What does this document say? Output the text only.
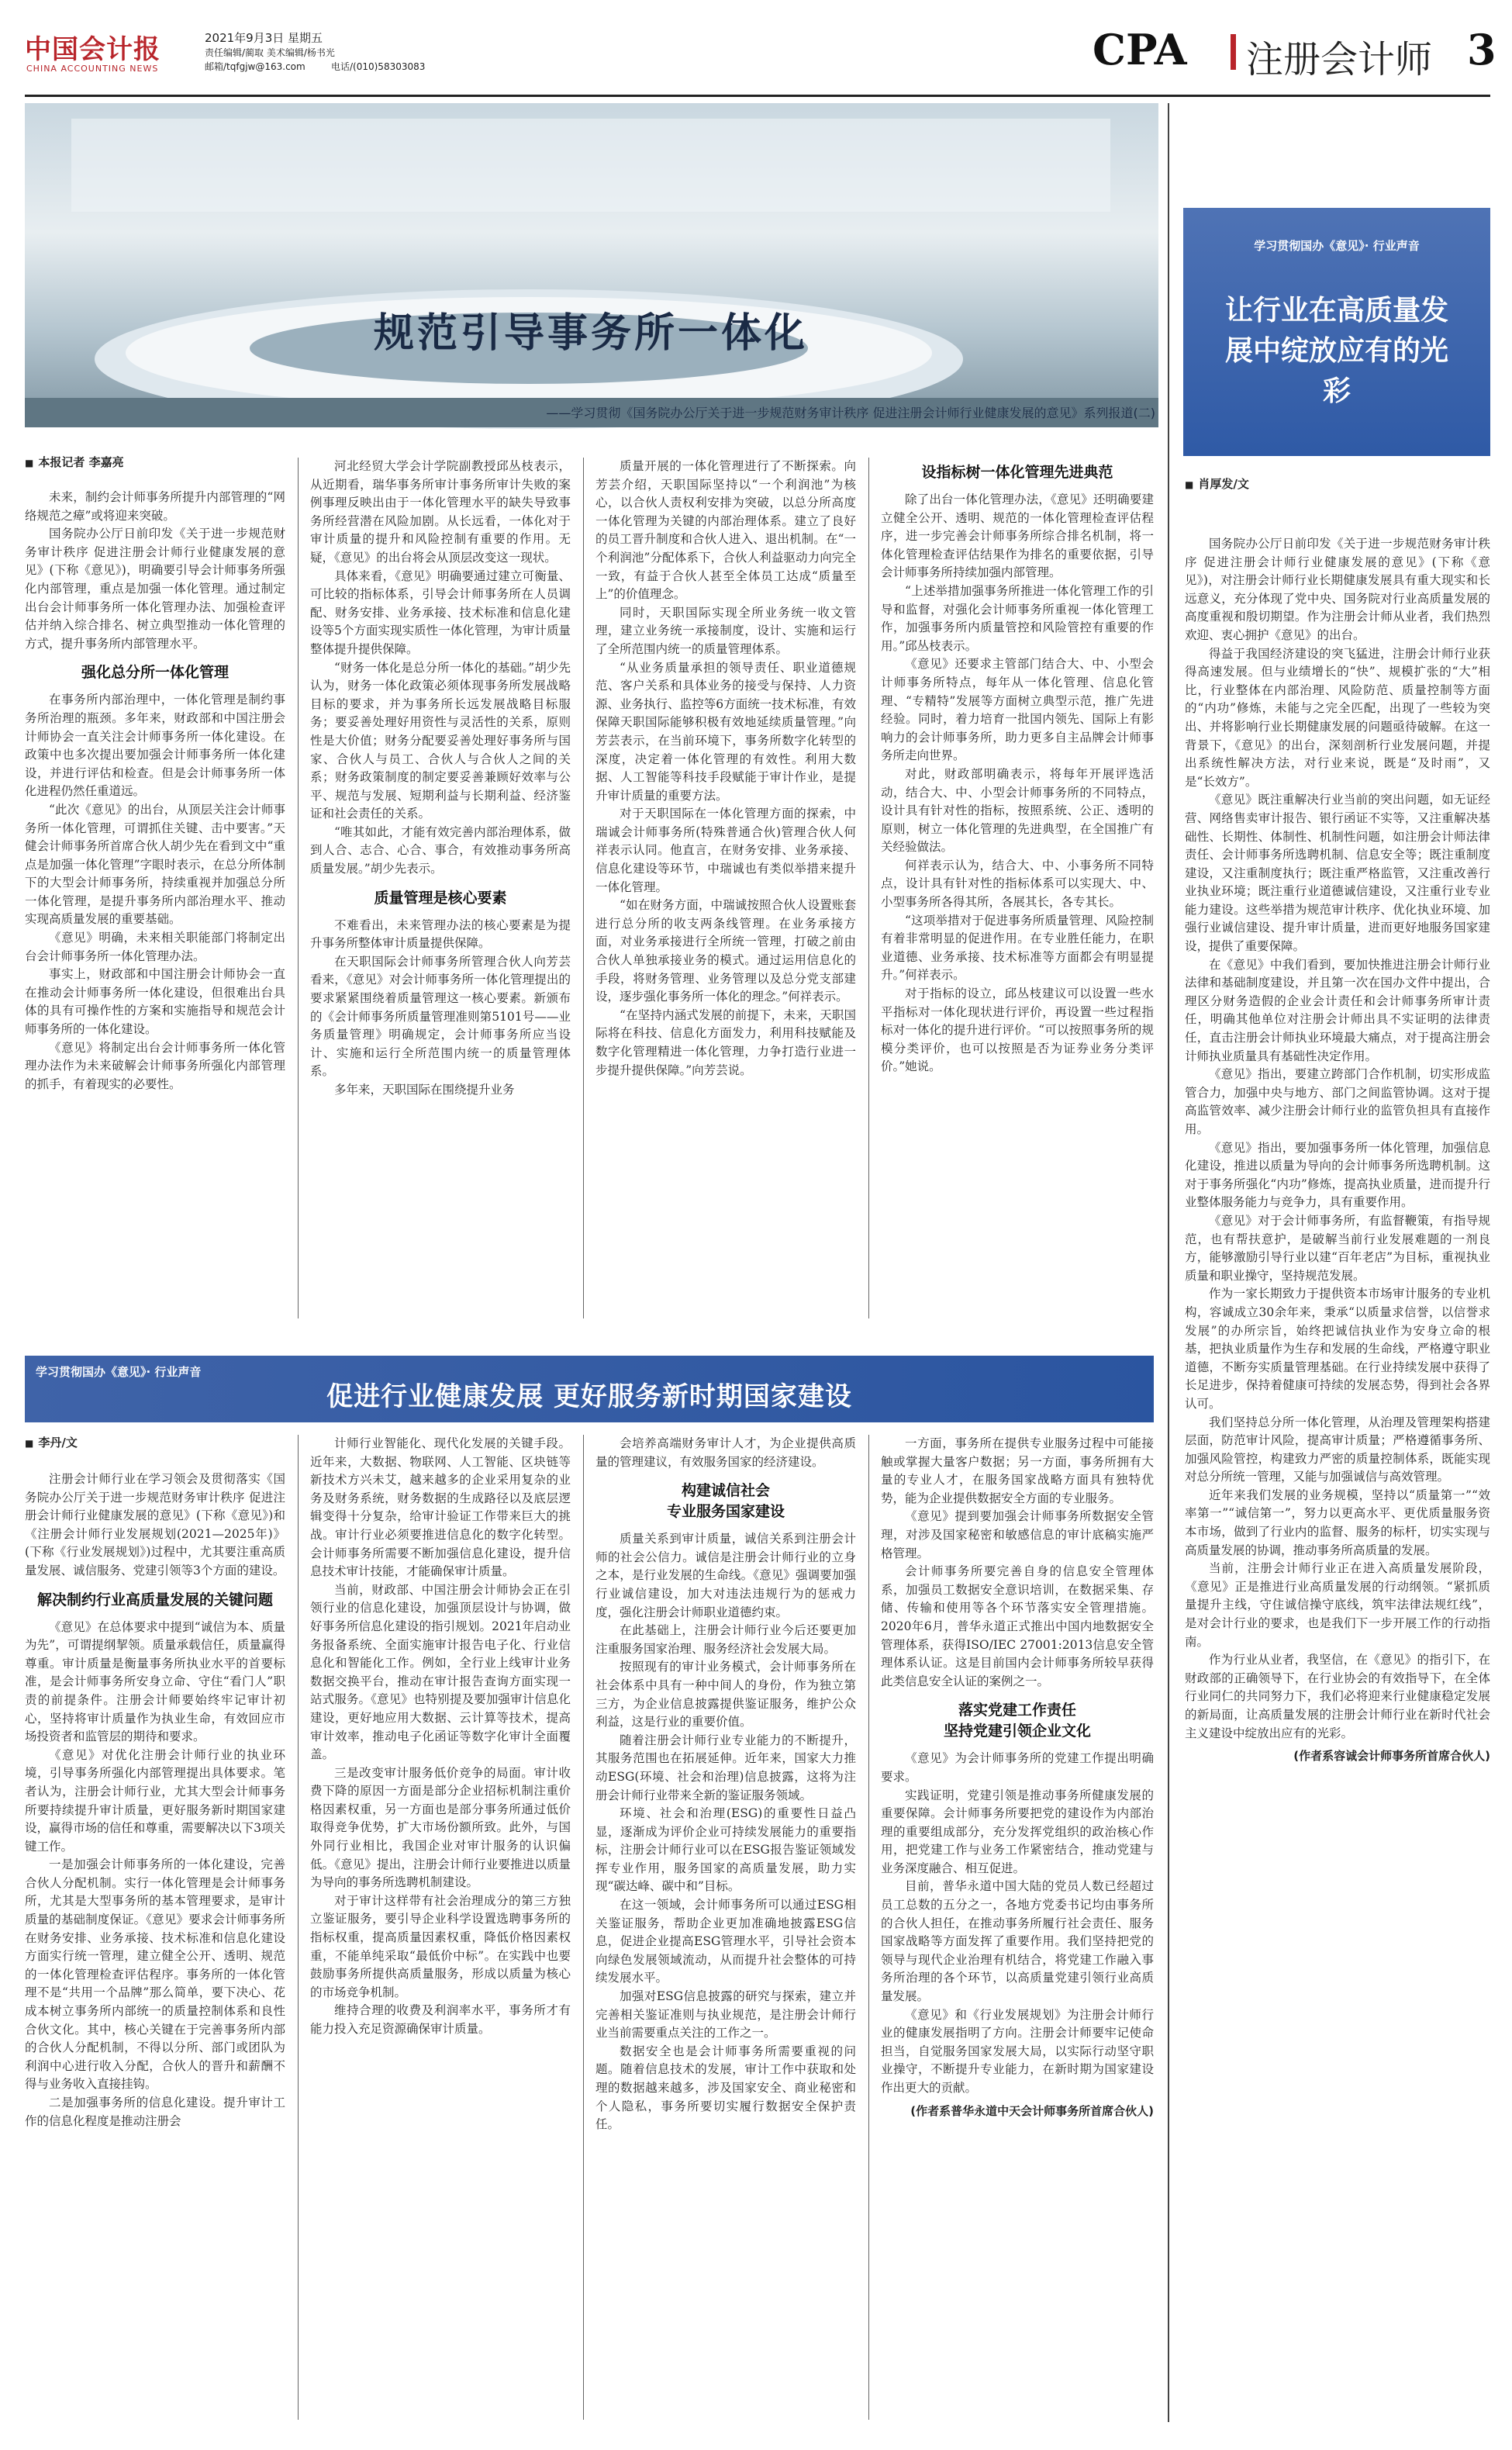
中国会计报
CHINA ACCOUNTING NEWS
2021年9月3日 星期五
责任编辑/蔺取 美术编辑/杨书光
邮箱/tqfgjw@163.com	电话/(010)58303083	CPA 注册会计师 3
规范引导事务所一体化
——学习贯彻《国务院办公厅关于进一步规范财务审计秩序 促进注册会计师行业健康发展的意见》系列报道(二)
■ 本报记者 李嘉亮

未来，制约会计师事务所提升内部管理的“网络规范之瘴”或将迎来突破。

国务院办公厅日前印发《关于进一步规范财务审计秩序 促进注册会计师行业健康发展的意见》(下称《意见》)，明确要引导会计师事务所强化内部管理，重点是加强一体化管理。通过制定出台会计师事务所一体化管理办法、加强检查评估并纳入综合排名、树立典型推动一体化管理的方式，提升事务所内部管理水平。

强化总分所一体化管理

在事务所内部治理中，一体化管理是制约事务所治理的瓶颈。多年来，财政部和中国注册会计师协会一直关注会计师事务所一体化建设。在政策中也多次提出要加强会计师事务所一体化建设，并进行评估和检查。但是会计师事务所一体化进程仍然任重道远。

“此次《意见》的出台，从顶层关注会计师事务所一体化管理，可谓抓住关键、击中要害。”天健会计师事务所首席合伙人胡少先在看到文中“重点是加强一体化管理”字眼时表示，在总分所体制下的大型会计师事务所，持续重视并加强总分所一体化管理，是提升事务所内部治理水平、推动实现高质量发展的重要基础。

《意见》明确，未来相关职能部门将制定出台会计师事务所一体化管理办法。

事实上，财政部和中国注册会计师协会一直在推动会计师事务所一体化建设，但很难出台具体的具有可操作性的方案和实施指导和规范会计师事务所的一体化建设。

《意见》将制定出台会计师事务所一体化管理办法作为未来破解会计师事务所强化内部管理的抓手，有着现实的必要性。

河北经贸大学会计学院副教授邱丛枝表示，从近期看，瑞华事务所审计事务所审计失败的案例事理反映出由于一体化管理水平的缺失导致事务所经营潜在风险加剧。从长远看，一体化对于审计质量的提升和风险控制有重要的作用。无疑，《意见》的出台将会从顶层改变这一现状。

具体来看，《意见》明确要通过建立可衡量、可比较的指标体系，引导会计师事务所在人员调配、财务安排、业务承接、技术标准和信息化建设等5个方面实现实质性一体化管理，为审计质量整体提升提供保障。

“财务一体化是总分所一体化的基础。”胡少先认为，财务一体化政策必须体现事务所发展战略目标的要求，并为事务所长远发展战略目标服务；要妥善处理好用资性与灵活性的关系，原则性是大价值；财务分配要妥善处理好事务所与国家、合伙人与员工、合伙人与合伙人之间的关系；财务政策制度的制定要妥善兼顾好效率与公平、规范与发展、短期利益与长期利益、经济鉴证和社会责任的关系。

“唯其如此，才能有效完善内部治理体系，做到人合、志合、心合、事合，有效推动事务所高质量发展。”胡少先表示。

质量管理是核心要素

不难看出，未来管理办法的核心要素是为提升事务所整体审计质量提供保障。

在天职国际会计师事务所管理合伙人向芳芸看来，《意见》对会计师事务所一体化管理提出的要求紧紧围绕着质量管理这一核心要素。新颁布的《会计师事务所质量管理准则第5101号——业务质量管理》明确规定，会计师事务所应当设计、实施和运行全所范围内统一的质量管理体系。

多年来，天职国际在围绕提升业务

质量开展的一体化管理进行了不断探索。向芳芸介绍，天职国际坚持以“一个利润池”为核心，以合伙人责权利安排为突破，以总分所高度一体化管理为关键的内部治理体系。建立了良好的员工晋升制度和合伙人进入、退出机制。在“一个利润池”分配体系下，合伙人利益驱动力向完全一致，有益于合伙人甚至全体员工达成“质量至上”的价值理念。

同时，天职国际实现全所业务统一收文管理，建立业务统一承接制度，设计、实施和运行了全所范围内统一的质量管理体系。

“从业务质量承担的领导责任、职业道德规范、客户关系和具体业务的接受与保持、人力资源、业务执行、监控等6方面统一技术标准，有效保障天职国际能够积极有效地延续质量管理。”向芳芸表示，在当前环境下，事务所数字化转型的深度，决定着一体化管理的有效性。利用大数据、人工智能等科技手段赋能于审计作业，是提升审计质量的重要方法。

对于天职国际在一体化管理方面的探索，中瑞诚会计师事务所(特殊普通合伙)管理合伙人何祥表示认同。他直言，在财务安排、业务承接、信息化建设等环节，中瑞诚也有类似举措来提升一体化管理。

“如在财务方面，中瑞诚按照合伙人设置账套进行总分所的收支两条线管理。在业务承接方面，对业务承接进行全所统一管理，打破之前由合伙人单独承接业务的模式。通过运用信息化的手段，将财务管理、业务管理以及总分党支部建设，逐步强化事务所一体化的理念。”何祥表示。

“在坚持内涵式发展的前提下，未来，天职国际将在科技、信息化方面发力，利用科技赋能及数字化管理精进一体化管理，力争打造行业进一步提升提供保障。”向芳芸说。

设指标树一体化管理先进典范

除了出台一体化管理办法，《意见》还明确要建立健全公开、透明、规范的一体化管理检查评估程序，进一步完善会计师事务所综合排名机制，将一体化管理检查评估结果作为排名的重要依据，引导会计师事务所持续加强内部管理。

“上述举措加强事务所推进一体化管理工作的引导和监督，对强化会计师事务所重视一体化管理工作，加强事务所内质量管控和风险管控有重要的作用。”邱丛枝表示。

《意见》还要求主管部门结合大、中、小型会计师事务所特点，每年从一体化管理、信息化管理、“专精特”发展等方面树立典型示范，推广先进经验。同时，着力培育一批国内领先、国际上有影响力的会计师事务所，助力更多自主品牌会计师事务所走向世界。

对此，财政部明确表示，将每年开展评选活动，结合大、中、小型会计师事务所的不同特点，设计具有针对性的指标，按照系统、公正、透明的原则，树立一体化管理的先进典型，在全国推广有关经验做法。

何祥表示认为，结合大、中、小事务所不同特点，设计具有针对性的指标体系可以实现大、中、小型事务所各得其所，各展其长，各专其长。

“这项举措对于促进事务所质量管理、风险控制有着非常明显的促进作用。在专业胜任能力，在职业道德、业务承接、技术标准等方面都会有明显提升。”何祥表示。

对于指标的设立，邱丛枝建议可以设置一些水平指标对一体化现状进行评价，再设置一些过程指标对一体化的提升进行评价。“可以按照事务所的规模分类评价，也可以按照是否为证券业务分类评价。”她说。

学习贯彻国办《意见》· 行业声音
让行业在高质量发展中绽放应有的光彩
■ 肖厚发/文

国务院办公厅日前印发《关于进一步规范财务审计秩序 促进注册会计师行业健康发展的意见》(下称《意见》)，对注册会计师行业长期健康发展具有重大现实和长远意义，充分体现了党中央、国务院对行业高质量发展的高度重视和殷切期望。作为注册会计师从业者，我们热烈欢迎、衷心拥护《意见》的出台。

得益于我国经济建设的突飞猛进，注册会计师行业获得高速发展。但与业绩增长的“快”、规模扩张的“大”相比，行业整体在内部治理、风险防范、质量控制等方面的“内功”修炼，未能与之完全匹配，出现了一些较为突出、并将影响行业长期健康发展的问题亟待破解。在这一背景下，《意见》的出台，深刻剖析行业发展问题，并提出系统性解决方法，对行业来说，既是“及时雨”，又是“长效方”。

《意见》既注重解决行业当前的突出问题，如无证经营、网络售卖审计报告、银行函证不实等，又注重解决基础性、长期性、体制性、机制性问题，如注册会计师法律责任、会计师事务所选聘机制、信息安全等；既注重制度建设，又注重制度执行；既注重严格监管，又注重改善行业执业环境；既注重行业道德诚信建设，又注重行业专业能力建设。这些举措为规范审计秩序、优化执业环境、加强行业诚信建设、提升审计质量，进而更好地服务国家建设，提供了重要保障。

在《意见》中我们看到，要加快推进注册会计师行业法律和基础制度建设，并且第一次在国办文件中提出，合理区分财务造假的企业会计责任和会计师事务所审计责任，明确其他单位对注册会计师出具不实证明的法律责任，直击注册会计师执业环境最大痛点，对于提高注册会计师执业质量具有基础性决定作用。

《意见》指出，要建立跨部门合作机制，切实形成监管合力，加强中央与地方、部门之间监管协调。这对于提高监管效率、减少注册会计师行业的监管负担具有直接作用。

《意见》指出，要加强事务所一体化管理，加强信息化建设，推进以质量为导向的会计师事务所选聘机制。这对于事务所强化“内功”修炼，提高执业质量，进而提升行业整体服务能力与竞争力，具有重要作用。

《意见》对于会计师事务所，有监督鞭策，有指导规范，也有帮扶意护，是破解当前行业发展难题的一剂良方，能够激励引导行业以建“百年老店”为目标，重视执业质量和职业操守，坚持规范发展。

作为一家长期致力于提供资本市场审计服务的专业机构，容诚成立30余年来，秉承“以质量求信誉，以信誉求发展”的办所宗旨，始终把诚信执业作为安身立命的根基，把执业质量作为生存和发展的生命线，严格遵守职业道德，不断夯实质量管理基础。在行业持续发展中获得了长足进步，保持着健康可持续的发展态势，得到社会各界认可。

我们坚持总分所一体化管理，从治理及管理架构搭建层面，防范审计风险，提高审计质量；严格遵循事务所、加强风险管控，构建致力严密的质量控制体系，既能实现对总分所统一管理，又能与加强诚信与高效管理。

近年来我们发展的业务规模，坚持以“质量第一”“效率第一”“诚信第一”，努力以更高水平、更优质量服务资本市场，做到了行业内的监督、服务的标杆，切实实现与高质量发展的协调，推动事务所高质量的发展。

当前，注册会计师行业正在进入高质量发展阶段，《意见》正是推进行业高质量发展的行动纲领。“紧抓质量提升主线，守住诚信操守底线，筑牢法律法规红线”，是对会计行业的要求，也是我们下一步开展工作的行动指南。

作为行业从业者，我坚信，在《意见》的指引下，在财政部的正确领导下，在行业协会的有效指导下，在全体行业同仁的共同努力下，我们必将迎来行业健康稳定发展的新局面，让高质量发展的注册会计师行业在新时代社会主义建设中绽放出应有的光彩。

(作者系容诚会计师事务所首席合伙人)

学习贯彻国办《意见》· 行业声音
促进行业健康发展 更好服务新时期国家建设
■ 李丹/文

注册会计师行业在学习领会及贯彻落实《国务院办公厅关于进一步规范财务审计秩序 促进注册会计师行业健康发展的意见》(下称《意见》)和《注册会计师行业发展规划(2021—2025年)》(下称《行业发展规划》)过程中，尤其要注重高质量发展、诚信服务、党建引领等3个方面的建设。

解决制约行业高质量发展的关键问题

《意见》在总体要求中提到“诚信为本、质量为先”，可谓提纲挈领。质量承载信任，质量赢得尊重。审计质量是衡量事务所执业水平的首要标准，是会计师事务所安身立命、守住“看门人”职责的前提条件。注册会计师要始终牢记审计初心，坚持将审计质量作为执业生命，有效回应市场投资者和监管层的期待和要求。

《意见》对优化注册会计师行业的执业环境，引导事务所强化内部管理提出具体要求。笔者认为，注册会计师行业，尤其大型会计师事务所要持续提升审计质量，更好服务新时期国家建设，赢得市场的信任和尊重，需要解决以下3项关键工作。

一是加强会计师事务所的一体化建设，完善合伙人分配机制。实行一体化管理是会计师事务所，尤其是大型事务所的基本管理要求，是审计质量的基础制度保证。《意见》要求会计师事务所在财务安排、业务承接、技术标准和信息化建设方面实行统一管理，建立健全公开、透明、规范的一体化管理检查评估程序。事务所的一体化管理不是“共用一个品牌”那么简单，要下决心、花成本树立事务所内部统一的质量控制体系和良性合伙文化。其中，核心关键在于完善事务所内部的合伙人分配机制，不得以分所、部门或团队为利润中心进行收入分配，合伙人的晋升和薪酬不得与业务收入直接挂钩。

二是加强事务所的信息化建设。提升审计工作的信息化程度是推动注册会

计师行业智能化、现代化发展的关键手段。近年来，大数据、物联网、人工智能、区块链等新技术方兴未艾，越来越多的企业采用复杂的业务及财务系统，财务数据的生成路径以及底层逻辑变得十分复杂，给审计验证工作带来巨大的挑战。审计行业必须要推进信息化的数字化转型。会计师事务所需要不断加强信息化建设，提升信息技术审计技能，才能确保审计质量。

当前，财政部、中国注册会计师协会正在引领行业的信息化建设，加强顶层设计与协调，做好事务所信息化建设的指引规划。2021年启动业务报备系统、全面实施审计报告电子化、行业信息化和智能化工作。例如，全行业上线审计业务数据交换平台，推动在审计报告查询方面实现一站式服务。《意见》也特别提及要加强审计信息化建设，更好地应用大数据、云计算等技术，提高审计效率，推动电子化函证等数字化审计全面覆盖。

三是改变审计服务低价竞争的局面。审计收费下降的原因一方面是部分企业招标机制注重价格因素权重，另一方面也是部分事务所通过低价取得竞争优势，扩大市场份额所致。此外，与国外同行业相比，我国企业对审计服务的认识偏低。《意见》提出，注册会计师行业要推进以质量为导向的事务所选聘机制建设。

对于审计这样带有社会治理成分的第三方独立鉴证服务，要引导企业科学设置选聘事务所的指标权重，提高质量因素权重，降低价格因素权重，不能单纯采取“最低价中标”。在实践中也要鼓励事务所提供高质量服务，形成以质量为核心的市场竞争机制。

维持合理的收费及利润率水平，事务所才有能力投入充足资源确保审计质量。

会培养高端财务审计人才，为企业提供高质量的管理建议，有效服务国家的经济建设。

构建诚信社会
专业服务国家建设

质量关系到审计质量，诚信关系到注册会计师的社会公信力。诚信是注册会计师行业的立身之本，是行业发展的生命线。《意见》强调要加强行业诚信建设，加大对违法违规行为的惩戒力度，强化注册会计师职业道德约束。

在此基础上，注册会计师行业今后还要更加注重服务国家治理、服务经济社会发展大局。

按照现有的审计业务模式，会计师事务所在社会体系中具有一种中间人的身份，作为独立第三方，为企业信息披露提供鉴证服务，维护公众利益，这是行业的重要价值。

随着注册会计师行业专业能力的不断提升，其服务范围也在拓展延伸。近年来，国家大力推动ESG(环境、社会和治理)信息披露，这将为注册会计师行业带来全新的鉴证服务领域。

环境、社会和治理(ESG)的重要性日益凸显，逐渐成为评价企业可持续发展能力的重要指标，注册会计师行业可以在ESG报告鉴证领域发挥专业作用，服务国家的高质量发展，助力实现“碳达峰、碳中和”目标。

在这一领域，会计师事务所可以通过ESG相关鉴证服务，帮助企业更加准确地披露ESG信息，促进企业提高ESG管理水平，引导社会资本向绿色发展领域流动，从而提升社会整体的可持续发展水平。

加强对ESG信息披露的研究与探索，建立并完善相关鉴证准则与执业规范，是注册会计师行业当前需要重点关注的工作之一。

数据安全也是会计师事务所需要重视的问题。随着信息技术的发展，审计工作中获取和处理的数据越来越多，涉及国家安全、商业秘密和个人隐私，事务所要切实履行数据安全保护责任。

一方面，事务所在提供专业服务过程中可能接触或掌握大量客户数据；另一方面，事务所拥有大量的专业人才，在服务国家战略方面具有独特优势，能为企业提供数据安全方面的专业服务。

《意见》提到要加强会计师事务所数据安全管理，对涉及国家秘密和敏感信息的审计底稿实施严格管理。

会计师事务所要完善自身的信息安全管理体系，加强员工数据安全意识培训，在数据采集、存储、传输和使用等各个环节落实安全管理措施。2020年6月，普华永道正式推出中国内地数据安全管理体系，获得ISO/IEC 27001:2013信息安全管理体系认证。这是目前国内会计师事务所较早获得此类信息安全认证的案例之一。

落实党建工作责任
坚持党建引领企业文化

《意见》为会计师事务所的党建工作提出明确要求。

实践证明，党建引领是推动事务所健康发展的重要保障。会计师事务所要把党的建设作为内部治理的重要组成部分，充分发挥党组织的政治核心作用，把党建工作与业务工作紧密结合，推动党建与业务深度融合、相互促进。

目前，普华永道中国大陆的党员人数已经超过员工总数的五分之一，各地方党委书记均由事务所的合伙人担任，在推动事务所履行社会责任、服务国家战略等方面发挥了重要作用。我们坚持把党的领导与现代企业治理有机结合，将党建工作融入事务所治理的各个环节，以高质量党建引领行业高质量发展。

《意见》和《行业发展规划》为注册会计师行业的健康发展指明了方向。注册会计师要牢记使命担当，自觉服务国家发展大局，以实际行动坚守职业操守，不断提升专业能力，在新时期为国家建设作出更大的贡献。

(作者系普华永道中天会计师事务所首席合伙人)
